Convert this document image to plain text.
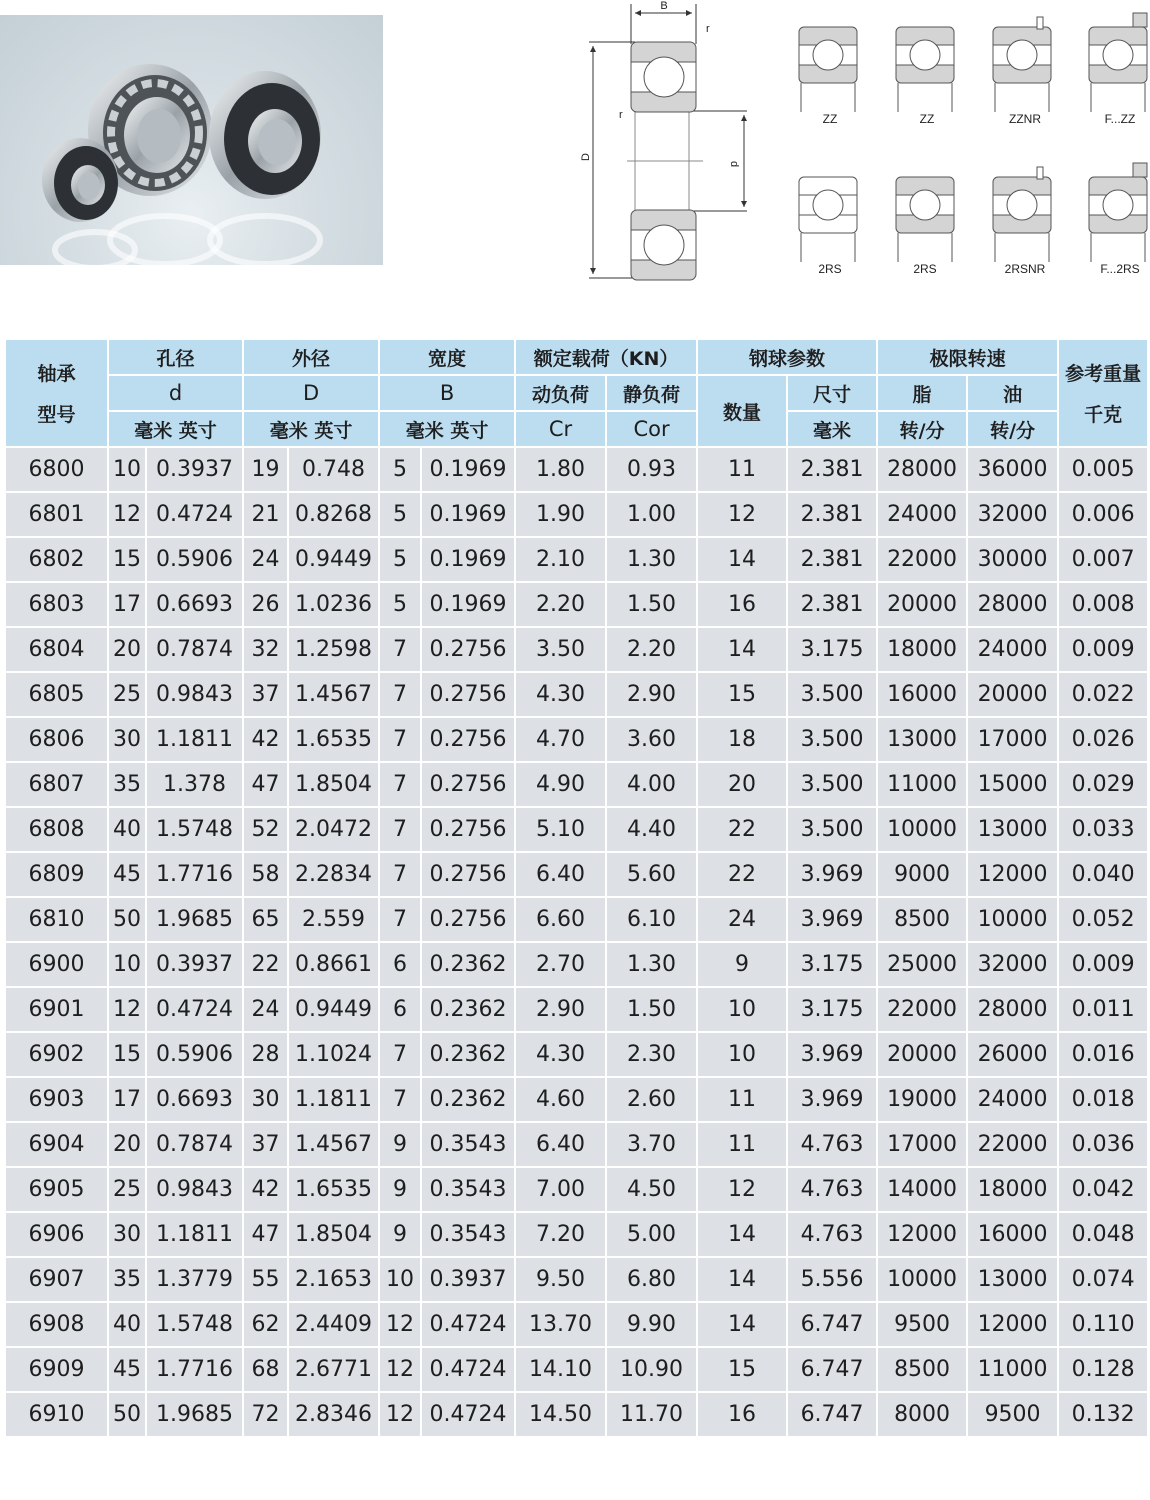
B
r
r
D
d
ZZ	ZZ	ZZNR	F...ZZ
2RS	2RS	2RSNR	F...2RS
轴承
型号
	孔径	外径	宽度	额定载荷（KN）	钢球参数	极限转速	
参考重量
千克

	d		D		B		动负荷	静负荷	数量	尺寸	脂	油	
	毫米 英寸		毫米 英寸		毫米 英寸		Cr	Cor		毫米	转/分	转/分	
6800	10	0.3937	19	0.748	5	0.1969	1.80	0.93	11	2.381	28000	36000	0.005
6801	12	0.4724	21	0.8268	5	0.1969	1.90	1.00	12	2.381	24000	32000	0.006
6802	15	0.5906	24	0.9449	5	0.1969	2.10	1.30	14	2.381	22000	30000	0.007
6803	17	0.6693	26	1.0236	5	0.1969	2.20	1.50	16	2.381	20000	28000	0.008
6804	20	0.7874	32	1.2598	7	0.2756	3.50	2.20	14	3.175	18000	24000	0.009
6805	25	0.9843	37	1.4567	7	0.2756	4.30	2.90	15	3.500	16000	20000	0.022
6806	30	1.1811	42	1.6535	7	0.2756	4.70	3.60	18	3.500	13000	17000	0.026
6807	35	1.378	47	1.8504	7	0.2756	4.90	4.00	20	3.500	11000	15000	0.029
6808	40	1.5748	52	2.0472	7	0.2756	5.10	4.40	22	3.500	10000	13000	0.033
6809	45	1.7716	58	2.2834	7	0.2756	6.40	5.60	22	3.969	9000	12000	0.040
6810	50	1.9685	65	2.559	7	0.2756	6.60	6.10	24	3.969	8500	10000	0.052
6900	10	0.3937	22	0.8661	6	0.2362	2.70	1.30	9	3.175	25000	32000	0.009
6901	12	0.4724	24	0.9449	6	0.2362	2.90	1.50	10	3.175	22000	28000	0.011
6902	15	0.5906	28	1.1024	7	0.2362	4.30	2.30	10	3.969	20000	26000	0.016
6903	17	0.6693	30	1.1811	7	0.2362	4.60	2.60	11	3.969	19000	24000	0.018
6904	20	0.7874	37	1.4567	9	0.3543	6.40	3.70	11	4.763	17000	22000	0.036
6905	25	0.9843	42	1.6535	9	0.3543	7.00	4.50	12	4.763	14000	18000	0.042
6906	30	1.1811	47	1.8504	9	0.3543	7.20	5.00	14	4.763	12000	16000	0.048
6907	35	1.3779	55	2.1653	10	0.3937	9.50	6.80	14	5.556	10000	13000	0.074
6908	40	1.5748	62	2.4409	12	0.4724	13.70	9.90	14	6.747	9500	12000	0.110
6909	45	1.7716	68	2.6771	12	0.4724	14.10	10.90	15	6.747	8500	11000	0.128
6910	50	1.9685	72	2.8346	12	0.4724	14.50	11.70	16	6.747	8000	9500	0.132
